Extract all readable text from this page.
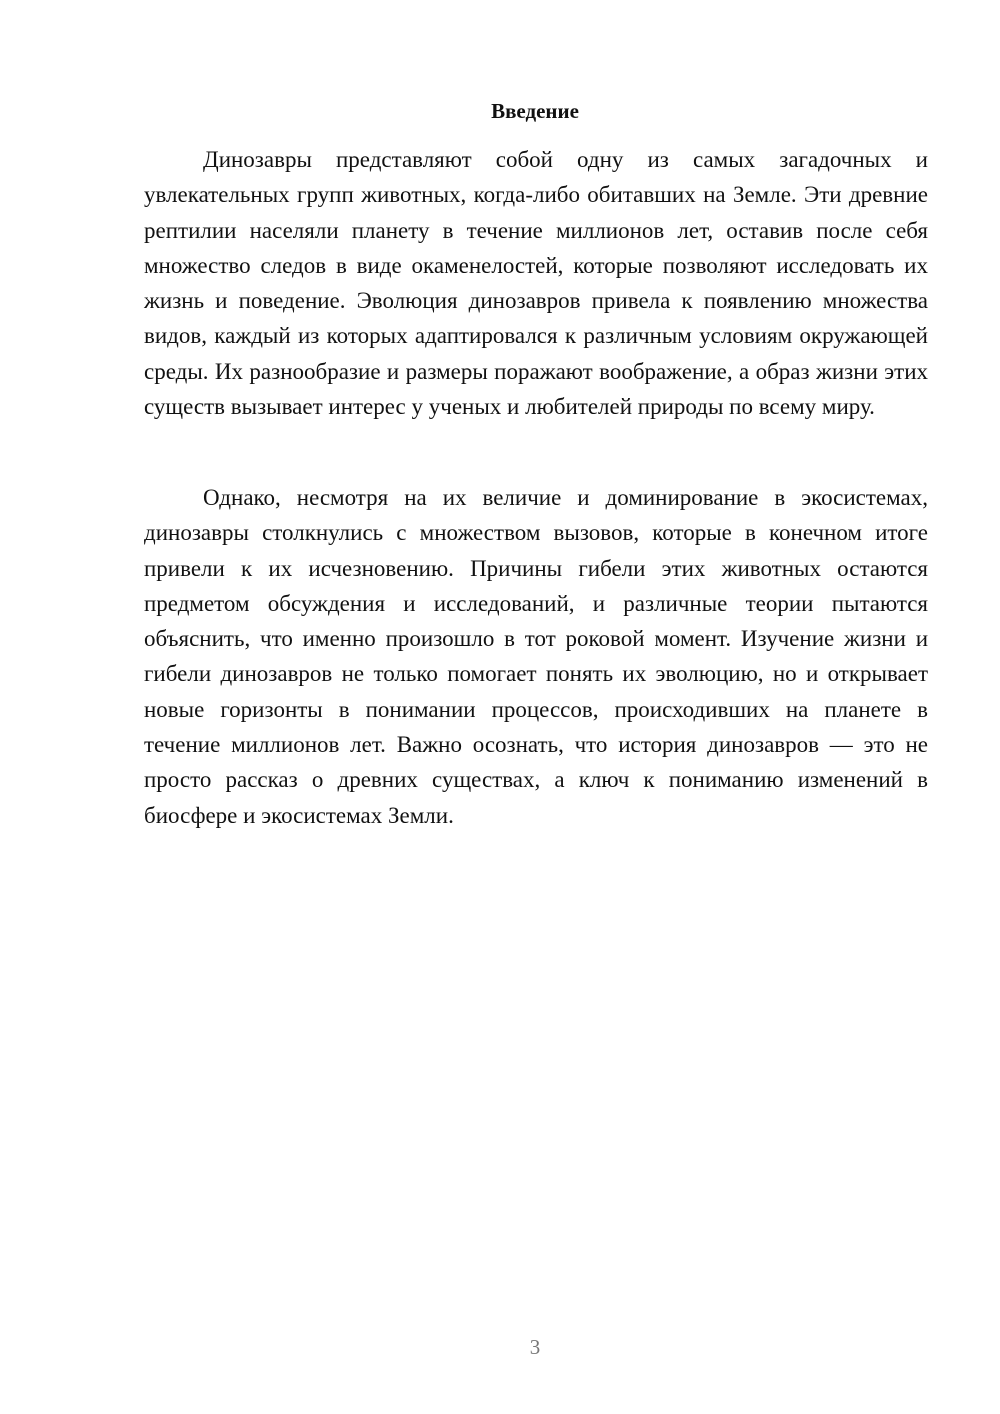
Введение

Динозавры представляют собой одну из самых загадочных и увлекательных групп животных, когда-либо обитавших на Земле. Эти древние рептилии населяли планету в течение миллионов лет, оставив после себя множество следов в виде окаменелостей, которые позволяют исследовать их жизнь и поведение. Эволюция динозавров привела к появлению множества видов, каждый из которых адаптировался к различным условиям окружающей среды. Их разнообразие и размеры поражают воображение, а образ жизни этих существ вызывает интерес у ученых и любителей природы по всему миру.

Однако, несмотря на их величие и доминирование в экосистемах, динозавры столкнулись с множеством вызовов, которые в конечном итоге привели к их исчезновению. Причины гибели этих животных остаются предметом обсуждения и исследований, и различные теории пытаются объяснить, что именно произошло в тот роковой момент. Изучение жизни и гибели динозавров не только помогает понять их эволюцию, но и открывает новые горизонты в понимании процессов, происходивших на планете в течение миллионов лет. Важно осознать, что история динозавров — это не просто рассказ о древних существах, а ключ к пониманию изменений в биосфере и экосистемах Земли.

3
